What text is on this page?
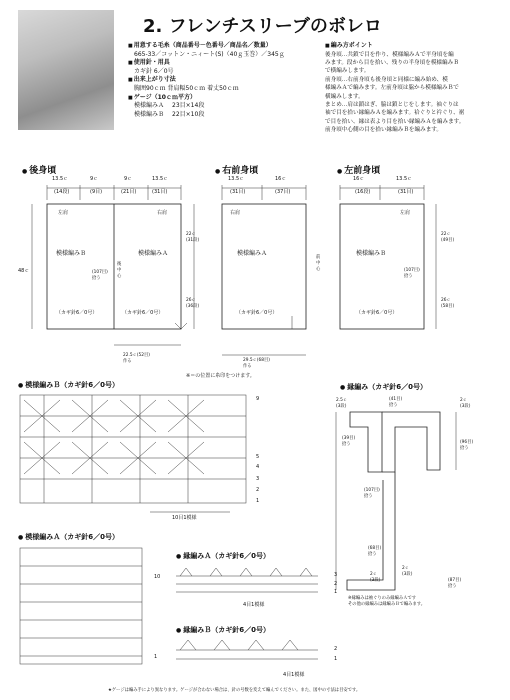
2. フレンチスリーブのボレロ
■ 用意する毛糸（商品番号－色番号／商品名／数量）
665-33／コットン・ニィート(S)（40ｇ玉巻）／345ｇ
■ 使用針・用具
カギ針 6／0号
■ 出来上がり寸法
胸囲90ｃｍ 背肩幅50ｃｍ 着丈50ｃｍ
■ ゲージ（10ｃｍ平方）
模様編みＡ 23目×14段
模様編みＢ 22目×10段
■ 編み方ポイント
後身頃…共鎖で目を作り、模様編みＡで平身頃を編
みます。段から目を拾い、残りの半身頃を模様編みＢ
で横編みします。
前身頃…右前身頃も後身頃と同様に編み始め、模
様編みＡで編みます。左前身頃は脇から模様編みＢで
横編みします。
まとめ…肩は鎖はぎ、脇は鎖とじをします。袖ぐりは
袖で目を拾い縁編みＡを編みます。袷ぐりと衿ぐり、裾
で目を拾い、縁は表より目を拾い縁編みＡを編みます。
前身頃中心側の目を拾い縁編みＢを編みます。
● 後身頃
13.5ｃ	9ｃ	9ｃ	13.5ｃ
(14段)	(9目)	(21目)	(31目)
左肩	右肩
模様編みＢ	模様編みＡ
(107目)
拾う
後中心
（カギ針6／0号）	（カギ針6／0号）
48ｃ
22ｃ
(31段)
26ｃ
(36段)
22.5ｃ(52目)
作る
● 右前身頃
13.5ｃ	16ｃ
(31目)	(37目)
右肩
模様編みＡ
（カギ針6／0号）
前中心
29.5ｃ(68目)
作る
● 左前身頃
16ｃ	13.5ｃ
(16段)	(31目)
左肩
模様編みＢ
（カギ針6／0号）
(107目)
拾う
22ｃ
(49目)
26ｃ
(58目)
※＝の位置に糸印をつけます。
● 模様編みＢ（カギ針6／0号）
9
5
4
3
2
1
10目1模様
● 縁編み（カギ針6／0号）
(41目)
拾う
2.5ｃ
(3段)
2ｃ
(3段)
(39目)
拾う	(96目)
拾う
(107目)
拾う
(68目)
拾う
2ｃ
(3段)
2ｃ
(3段)
(87目)
拾う
※縁編みは袖ぐりのみ縁編みＡです
その他の縁編みは縁編みＢで編みます。
● 模様編みＡ（カギ針6／0号）
10
1
● 縁編みＡ（カギ針6／0号）
3
2
1
4目1模様
● 縁編みＢ（カギ針6／0号）
2
1
4目1模様
★ゲージは編み手により異なります。ゲージが合わない場合は、針の号数を変えて編んでください。また、図中の寸法は目安です。
